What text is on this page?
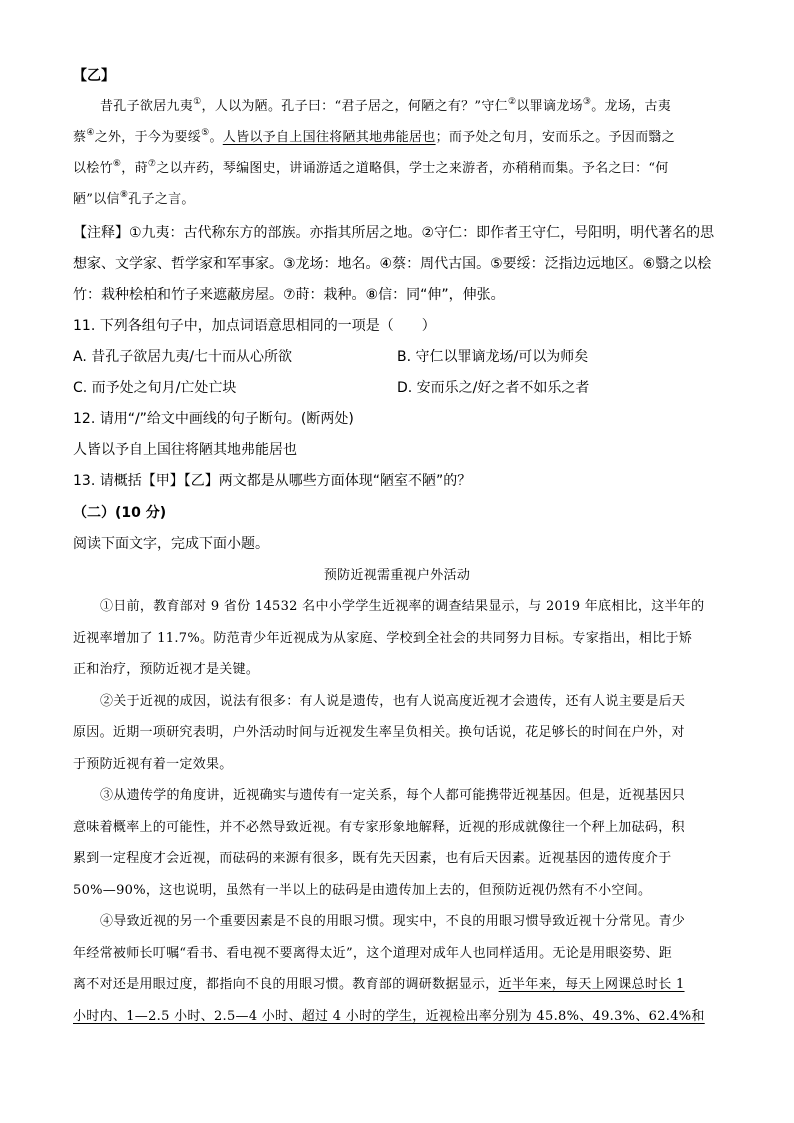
【乙】
昔孔子欲居九夷①，人以为陋。孔子曰：“君子居之，何陋之有？”守仁②以罪谪龙场③。龙场，古夷
蔡④之外，于今为要绥⑤。人皆以予自上国往将陋其地弗能居也；而予处之旬月，安而乐之。予因而翳之
以桧竹⑥，莳⑦之以卉药，琴编图史，讲诵游适之道略俱，学士之来游者，亦稍稍而集。予名之曰：“何
陋”以信⑧孔子之言。
【注释】①九夷：古代称东方的部族。亦指其所居之地。②守仁：即作者王守仁，号阳明，明代著名的思
想家、文学家、哲学家和军事家。③龙场：地名。④蔡：周代古国。⑤要绥：泛指边远地区。⑥翳之以桧
竹：栽种桧柏和竹子来遮蔽房屋。⑦莳：栽种。⑧信：同“伸”，伸张。
11. 下列各组句子中，加点词语意思相同的一项是（　　）
A. 昔孔子欲居九夷/七十而从心所欲	B. 守仁以罪谪龙场/可以为师矣
C. 而予处之旬月/亡处亡块	D. 安而乐之/好之者不如乐之者
12. 请用“/”给文中画线的句子断句。(断两处)
人皆以予自上国往将陋其地弗能居也
13. 请概括【甲】【乙】两文都是从哪些方面体现“陋室不陋”的？
（二）(10 分)
阅读下面文字，完成下面小题。
预防近视需重视户外活动
①日前，教育部对 9 省份 14532 名中小学学生近视率的调查结果显示，与 2019 年底相比，这半年的
近视率增加了 11.7%。防范青少年近视成为从家庭、学校到全社会的共同努力目标。专家指出，相比于矫
正和治疗，预防近视才是关键。
②关于近视的成因，说法有很多：有人说是遗传，也有人说高度近视才会遗传，还有人说主要是后天
原因。近期一项研究表明，户外活动时间与近视发生率呈负相关。换句话说，花足够长的时间在户外，对
于预防近视有着一定效果。
③从遗传学的角度讲，近视确实与遗传有一定关系，每个人都可能携带近视基因。但是，近视基因只
意味着概率上的可能性，并不必然导致近视。有专家形象地解释，近视的形成就像往一个秤上加砝码，积
累到一定程度才会近视，而砝码的来源有很多，既有先天因素，也有后天因素。近视基因的遗传度介于
50%—90%，这也说明，虽然有一半以上的砝码是由遗传加上去的，但预防近视仍然有不小空间。
④导致近视的另一个重要因素是不良的用眼习惯。现实中，不良的用眼习惯导致近视十分常见。青少
年经常被师长叮嘱“看书、看电视不要离得太近”，这个道理对成年人也同样适用。无论是用眼姿势、距
离不对还是用眼过度，都指向不良的用眼习惯。教育部的调研数据显示，近半年来，每天上网课总时长 1
小时内、1—2.5 小时、2.5—4 小时、超过 4 小时的学生，近视检出率分别为 45.8%、49.3%、62.4%和
